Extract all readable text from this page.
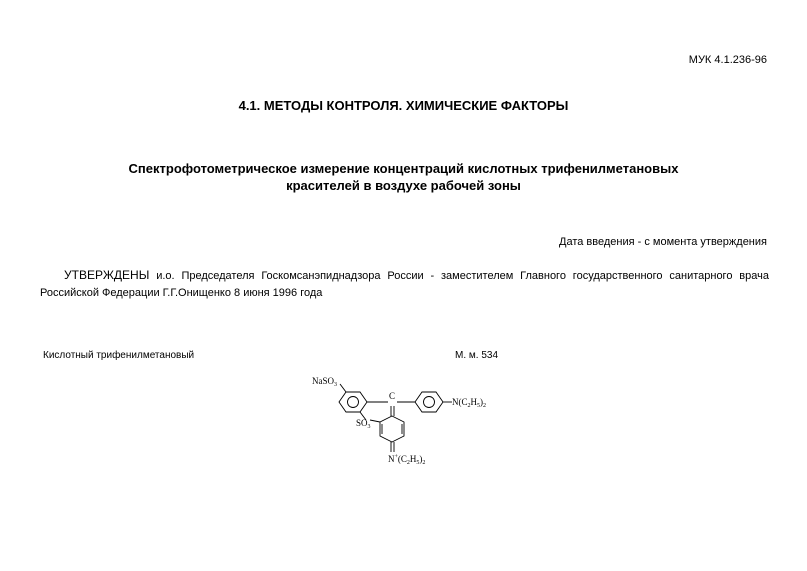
МУК 4.1.236-96
4.1. МЕТОДЫ КОНТРОЛЯ. ХИМИЧЕСКИЕ ФАКТОРЫ
Спектрофотометрическое измерение концентраций кислотных трифенилметановых
красителей в воздухе рабочей зоны
Дата введения - с момента утверждения
УТВЕРЖДЕНЫ и.о. Председателя Госкомсанэпиднадзора России - заместителем Главного государственного санитарного врача Российской Федерации Г.Г.Онищенко 8 июня 1996 года
Кислотный трифенилметановый	М. м. 534
NaSO$_3$
C
$N(C_2H_5)_2$
$SO_3^-$
$N^+(C_2H_5)_2$
